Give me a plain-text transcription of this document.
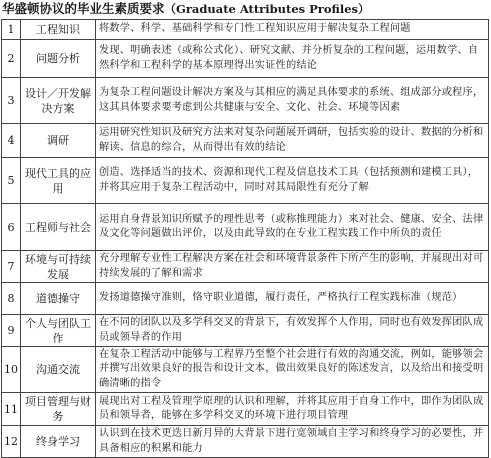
华盛顿协议的毕业生素质要求（Graduate Attributes Profiles）
1	工程知识	将数学、科学、基础科学和专门性工程知识应用于解决复杂工程问题
2	问题分析	发现、明确表述（或称公式化）、研究文献、并分析复杂的工程问题，运用数学、自然科学和工程科学的基本原理得出实证性的结论
3	设计／开发解决方案	为复杂工程问题设计解决方案及与其相应的满足具体要求的系统、组成部分或程序，这其具体要求要考虑到公共健康与安全、文化、社会、环境等因素
4	调研	运用研究性知识及研究方法来对复杂问题展开调研，包括实验的设计、数据的分析和解读、信息的综合，从而得出有效的结论
5	现代工具的应用	创造、选择适当的技术、资源和现代工程及信息技术工具（包括预测和建模工具），并将其应用于复杂工程活动中，同时对其局限性有充分了解
6	工程师与社会	运用自身背景知识所赋予的理性思考（或称推理能力）来对社会、健康、安全、法律及文化等问题做出评价，以及由此导致的在专业工程实践工作中所负的责任
7	环境与可持续发展	充分理解专业性工程解决方案在社会和环境背景条件下所产生的影响，并展现出对可持续发展的了解和需求
8	道德操守	发扬道德操守准则，恪守职业道德，履行责任，严格执行工程实践标准（规范）
9	个人与团队工作	在不同的团队以及多学科交叉的背景下，有效发挥个人作用，同时也有效发挥团队成员或领导者的作用
10	沟通交流	在复杂工程活动中能够与工程界乃至整个社会进行有效的沟通交流，例如，能够领会并撰写出效果良好的报告和设计文本，做出效果良好的陈述发言，以及给出和接受明确清晰的指令
11	项目管理与财务	展现出对工程及管理学原理的认识和理解，并将其应用于自身工作中，即作为团队成员和领导者，能够在多学科交叉的环境下进行项目管理
12	终身学习	认识到在技术更迭日新月异的大背景下进行宽领域自主学习和终身学习的必要性，并具备相应的积累和能力
